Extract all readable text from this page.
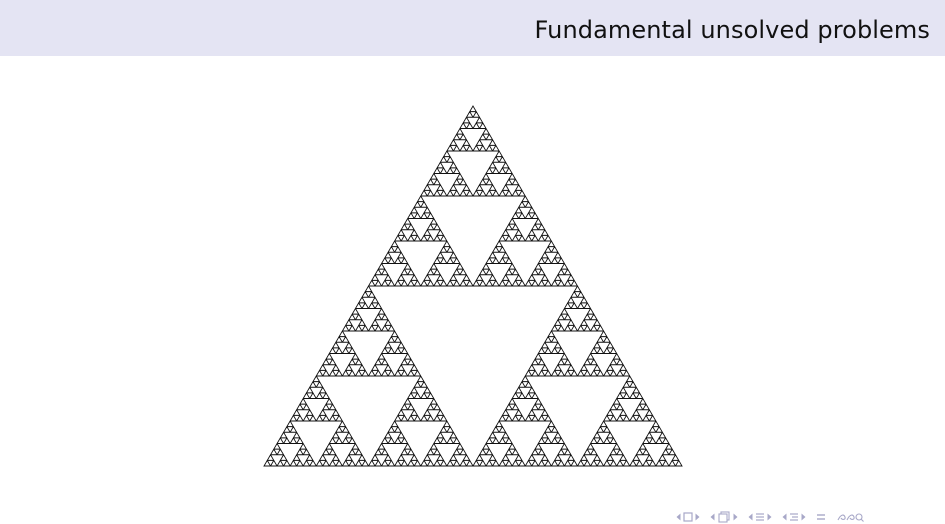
Fundamental unsolved problems
